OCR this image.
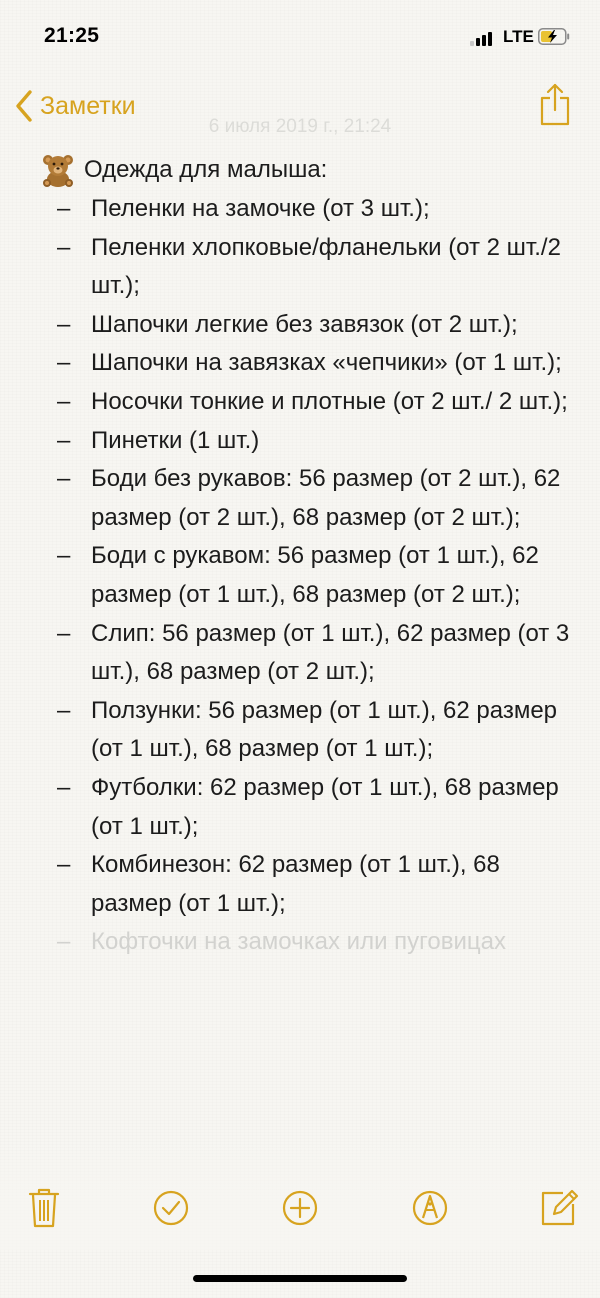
21:25	LTE
Заметки
6 июля 2019 г., 21:24
Одежда для малыша:
– Пеленки на замочке (от 3 шт.);
– Пеленки хлопковые/фланельки (от 2 шт./2 шт.);
– Шапочки легкие без завязок (от 2 шт.);
– Шапочки на завязках «чепчики» (от 1 шт.);
– Носочки тонкие и плотные (от 2 шт./ 2 шт.);
– Пинетки (1 шт.)
– Боди без рукавов: 56 размер (от 2 шт.), 62 размер (от 2 шт.), 68 размер (от 2 шт.);
– Боди с рукавом: 56 размер (от 1 шт.), 62 размер (от 1 шт.), 68 размер (от 2 шт.);
– Слип: 56 размер (от 1 шт.), 62 размер (от 3 шт.), 68 размер (от 2 шт.);
– Ползунки: 56 размер (от 1 шт.), 62 размер (от 1 шт.), 68 размер (от 1 шт.);
– Футболки: 62 размер (от 1 шт.), 68 размер (от 1 шт.);
– Комбинезон: 62 размер (от 1 шт.), 68 размер (от 1 шт.);
– Кофточки на замочках или пуговицах
